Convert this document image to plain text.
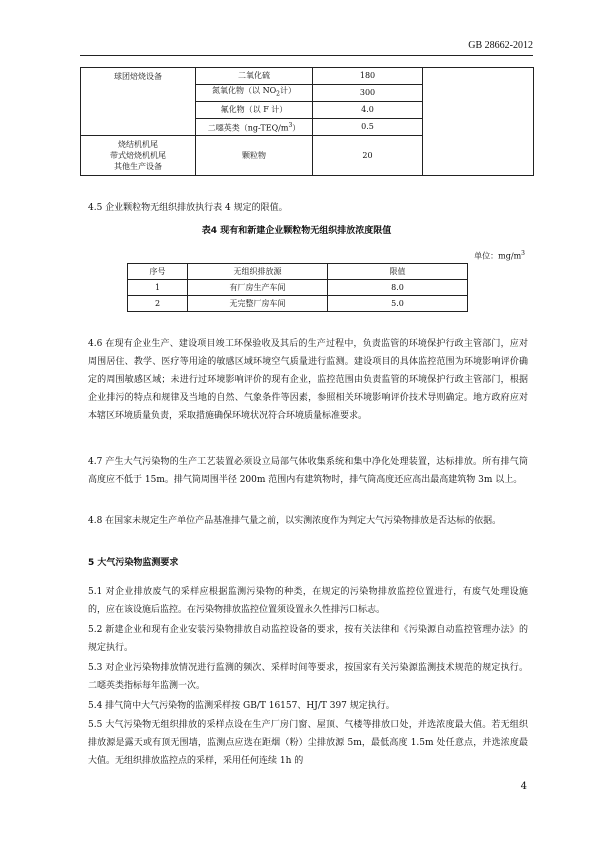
GB 28662-2012
球团焙烧设备	二氧化硫	180	
	氮氧化物（以 $NO_2$计）	300	
	氟化物（以 F 计）	4.0	
	二噁英类$(ng-TEQ/m^3)$	0.5	

烧结机机尾
带式焙烧机机尾
其他生产设备	颗粒物	20	
4.5 企业颗粒物无组织排放执行表 4 规定的限值。
表4 现有和新建企业颗粒物无组织排放浓度限值
单位：$mg/m^3$
序号	无组织排放源	限值
1	有厂房生产车间	8.0
2	无完整厂房车间	5.0
4.6 在现有企业生产、建设项目竣工环保验收及其后的生产过程中，负责监管的环境保护行政主管部门，应对周围居住、教学、医疗等用途的敏感区域环境空气质量进行监测。建设项目的具体监控范围为环境影响评价确定的周围敏感区域；未进行过环境影响评价的现有企业，监控范围由负责监管的环境保护行政主管部门，根据企业排污的特点和规律及当地的自然、气象条件等因素，参照相关环境影响评价技术导则确定。地方政府应对本辖区环境质量负责，采取措施确保环境状况符合环境质量标准要求。
4.7 产生大气污染物的生产工艺装置必须设立局部气体收集系统和集中净化处理装置，达标排放。所有排气筒高度应不低于 15m。排气筒周围半径 200m 范围内有建筑物时，排气筒高度还应高出最高建筑物 3m 以上。
4.8 在国家未规定生产单位产品基准排气量之前，以实测浓度作为判定大气污染物排放是否达标的依据。
5 大气污染物监测要求
5.1 对企业排放废气的采样应根据监测污染物的种类，在规定的污染物排放监控位置进行，有废气处理设施的，应在该设施后监控。在污染物排放监控位置须设置永久性排污口标志。
5.2 新建企业和现有企业安装污染物排放自动监控设备的要求，按有关法律和《污染源自动监控管理办法》的规定执行。
5.3 对企业污染物排放情况进行监测的频次、采样时间等要求，按国家有关污染源监测技术规范的规定执行。二噁英类指标每年监测一次。
5.4 排气筒中大气污染物的监测采样按 GB/T 16157、HJ/T 397 规定执行。
5.5 大气污染物无组织排放的采样点设在生产厂房门窗、屋顶、气楼等排放口处，并选浓度最大值。若无组织排放源是露天或有顶无围墙，监测点应选在距烟（粉）尘排放源 5m，最低高度 1.5m 处任意点，并选浓度最大值。无组织排放监控点的采样，采用任何连续 1h 的
4
